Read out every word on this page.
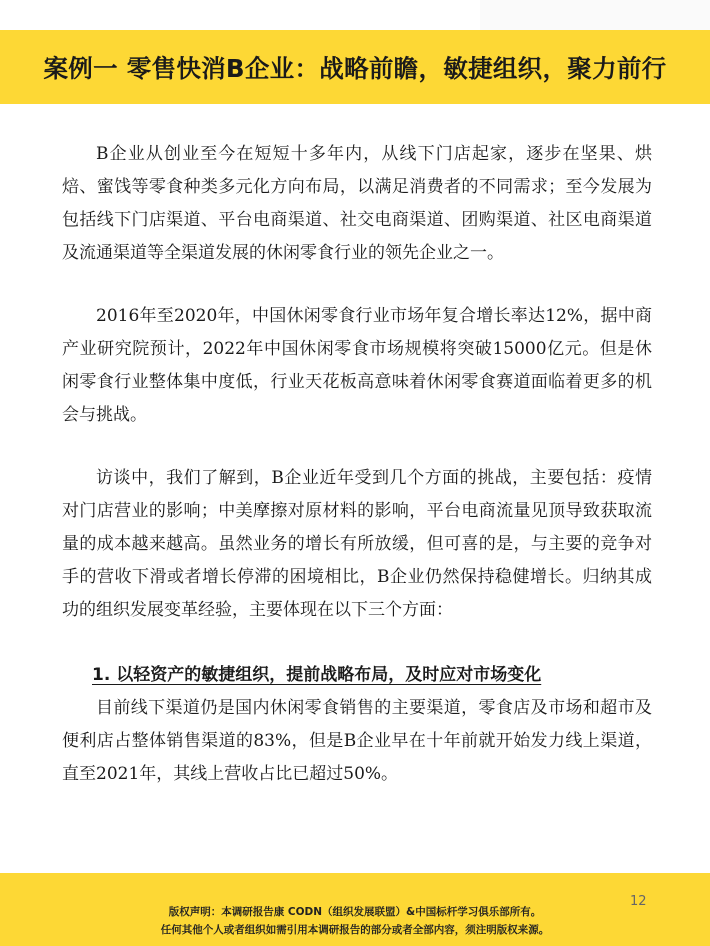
案例一 零售快消B企业：战略前瞻，敏捷组织，聚力前行

B企业从创业至今在短短十多年内，从线下门店起家，逐步在坚果、烘焙、蜜饯等零食种类多元化方向布局，以满足消费者的不同需求；至今发展为包括线下门店渠道、平台电商渠道、社交电商渠道、团购渠道、社区电商渠道及流通渠道等全渠道发展的休闲零食行业的领先企业之一。

2016年至2020年，中国休闲零食行业市场年复合增长率达12%，据中商产业研究院预计，2022年中国休闲零食市场规模将突破15000亿元。但是休闲零食行业整体集中度低，行业天花板高意味着休闲零食赛道面临着更多的机会与挑战。

访谈中，我们了解到，B企业近年受到几个方面的挑战，主要包括：疫情对门店营业的影响；中美摩擦对原材料的影响，平台电商流量见顶导致获取流量的成本越来越高。虽然业务的增长有所放缓，但可喜的是，与主要的竞争对手的营收下滑或者增长停滞的困境相比，B企业仍然保持稳健增长。归纳其成功的组织发展变革经验，主要体现在以下三个方面：

1. 以轻资产的敏捷组织，提前战略布局，及时应对市场变化

目前线下渠道仍是国内休闲零食销售的主要渠道，零食店及市场和超市及便利店占整体销售渠道的83%，但是B企业早在十年前就开始发力线上渠道，直至2021年，其线上营收占比已超过50%。

版权声明：本调研报告康 CODN（组织发展联盟）&中国标杆学习俱乐部所有。
任何其他个人或者组织如需引用本调研报告的部分或者全部内容，须注明版权来源。
12
